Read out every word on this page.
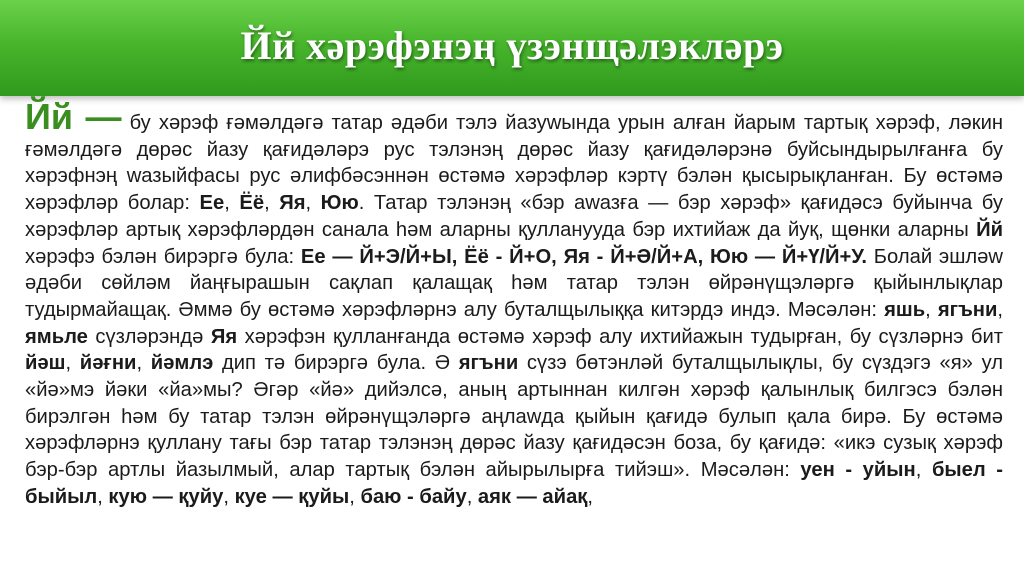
Йй хәрэфэнэң үзэнщәлэкләрэ
Йй — бу хәрэф ғәмәлдәгә татар әдәби тэлэ йазуwында урын алған йарым тартық хәрэф, ләкин ғәмәлдәгә дөрәс йазу қағидәләрэ рус тэлэнэң дөрәс йазу қағидәләрэнә буйсындырылғанға бу хәрэфнэң wазыйфасы рус әлифбәсэннән өстәмә хәрэфләр кэртү бэлән қысырықланған. Бу өстәмә хәрэфләр болар: Ее, Ёё, Яя, Юю. Татар тэлэнэң «бэр аwазға — бэр хәрэф» қағидәсэ буйынча бу хәрэфләр артық хәрэфләрдән санала һәм аларны қулланууда бэр ихтийаж да йуқ, щөнки аларны Йй хәрэфэ бэлән бирэргә була: Ее — Й+Э/Й+Ы, Ёё - Й+О, Яя - Й+Ә/Й+А, Юю — Й+Ү/Й+У. Болай эшләw әдәби сөйләм йаңғырашын сақлап қалащақ һәм татар тэлэн өйрәнүщэләргә қыйынлықлар тудырмайащақ. Әммә бу өстәмә хәрэфләрнэ алу буталщылыққа китэрдэ индэ. Мәсәлән: яшь, ягъни, ямьле сүзләрэндә Яя хәрэфэн қулланғанда өстәмә хәрэф алу ихтийажын тудырған, бу сүзләрнэ бит йәш, йәғни, йәмлэ дип тә бирэргә була. Ә ягъни сүзэ бөтэнләй буталщылықлы, бу сүздэгэ «я» ул «йә»мэ йәки «йа»мы? Әгәр «йә» дийэлсә, аның артыннан килгән хәрэф қалынлық билгэсэ бэлән бирэлгән һәм бу татар тэлэн өйрәнүщэләргә аңлаwда қыйын қағидә булып қала бирә. Бу өстәмә хәрэфләрнэ қуллану тағы бэр татар тэлэнэң дөрәс йазу қағидәсэн боза, бу қағидә: «икэ сузық хәрэф бэр-бэр артлы йазылмый, алар тартық бэлән айырылырға тийэш». Мәсәлән: уен - уйын, быел - быйыл, кую — қуйу, куе — қуйы, баю - байу, аяк — айақ,
